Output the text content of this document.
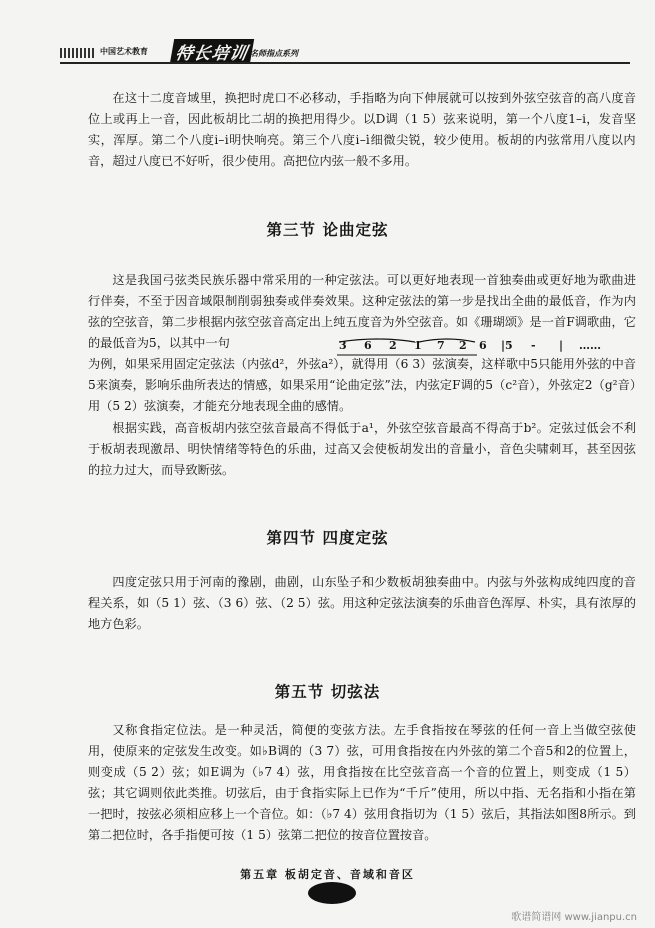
中国艺术教育 特长培训 名师指点系列
在这十二度音域里，换把时虎口不必移动，手指略为向下伸展就可以按到外弦空弦音的高八度音位上或再上一音，因此板胡比二胡的换把用得少。以D调（1 5）弦来说明，第一个八度1–i，发音坚实，浑厚。第二个八度i–ⅰ明快响亮。第三个八度ⅰ–ⅰ̇细微尖锐，较少使用。板胡的内弦常用八度以内音，超过八度已不好听，很少使用。高把位内弦一般不多用。
第三节 论曲定弦
这是我国弓弦类民族乐器中常采用的一种定弦法。可以更好地表现一首独奏曲或更好地为歌曲进行伴奏，不至于因音域限制削弱独奏或伴奏效果。这种定弦法的第一步是找出全曲的最低音，作为内弦的空弦音，第二步根据内弦空弦音高定出上纯五度音为外空弦音。如《珊瑚颂》是一首F调歌曲，它的最低音为5，以其中一句	3 6 2 1 7 2 6 |5 - | ……
为例，如果采用固定定弦法（内弦d²，外弦a²），就得用（6 3）弦演奏，这样歌中5只能用外弦的中音5来演奏，影响乐曲所表达的情感，如果采用“论曲定弦”法，内弦定F调的5（c²音），外弦定2（g²音）用（5 2）弦演奏，才能充分地表现全曲的感情。
根据实践，高音板胡内弦空弦音最高不得低于a¹，外弦空弦音最高不得高于b²。定弦过低会不利于板胡表现激昂、明快情绪等特色的乐曲，过高又会使板胡发出的音量小，音色尖啸刺耳，甚至因弦的拉力过大，而导致断弦。
第四节 四度定弦
四度定弦只用于河南的豫剧，曲剧，山东坠子和少数板胡独奏曲中。内弦与外弦构成纯四度的音程关系，如（5 1）弦、（3 6）弦、（2 5）弦。用这种定弦法演奏的乐曲音色浑厚、朴实，具有浓厚的地方色彩。
第五节 切弦法
又称食指定位法。是一种灵活，简便的变弦方法。左手食指按在琴弦的任何一音上当做空弦使用，使原来的定弦发生改变。如♭B调的（3 7）弦，可用食指按在内外弦的第二个音5和2̇的位置上，则变成（5 2̇）弦；如E调为（♭7 4）弦，用食指按在比空弦音高一个音的位置上，则变成（1 5）弦；其它调则依此类推。切弦后，由于食指实际上已作为“千斤”使用，所以中指、无名指和小指在第一把时，按弦必须相应移上一个音位。如：（♭7 4）弦用食指切为（1 5）弦后，其指法如图8所示。到第二把位时，各手指便可按（1 5）弦第二把位的按音位置按音。
第五章 板胡定音、音域和音区
歌谱简谱网 www.jianpu.cn
